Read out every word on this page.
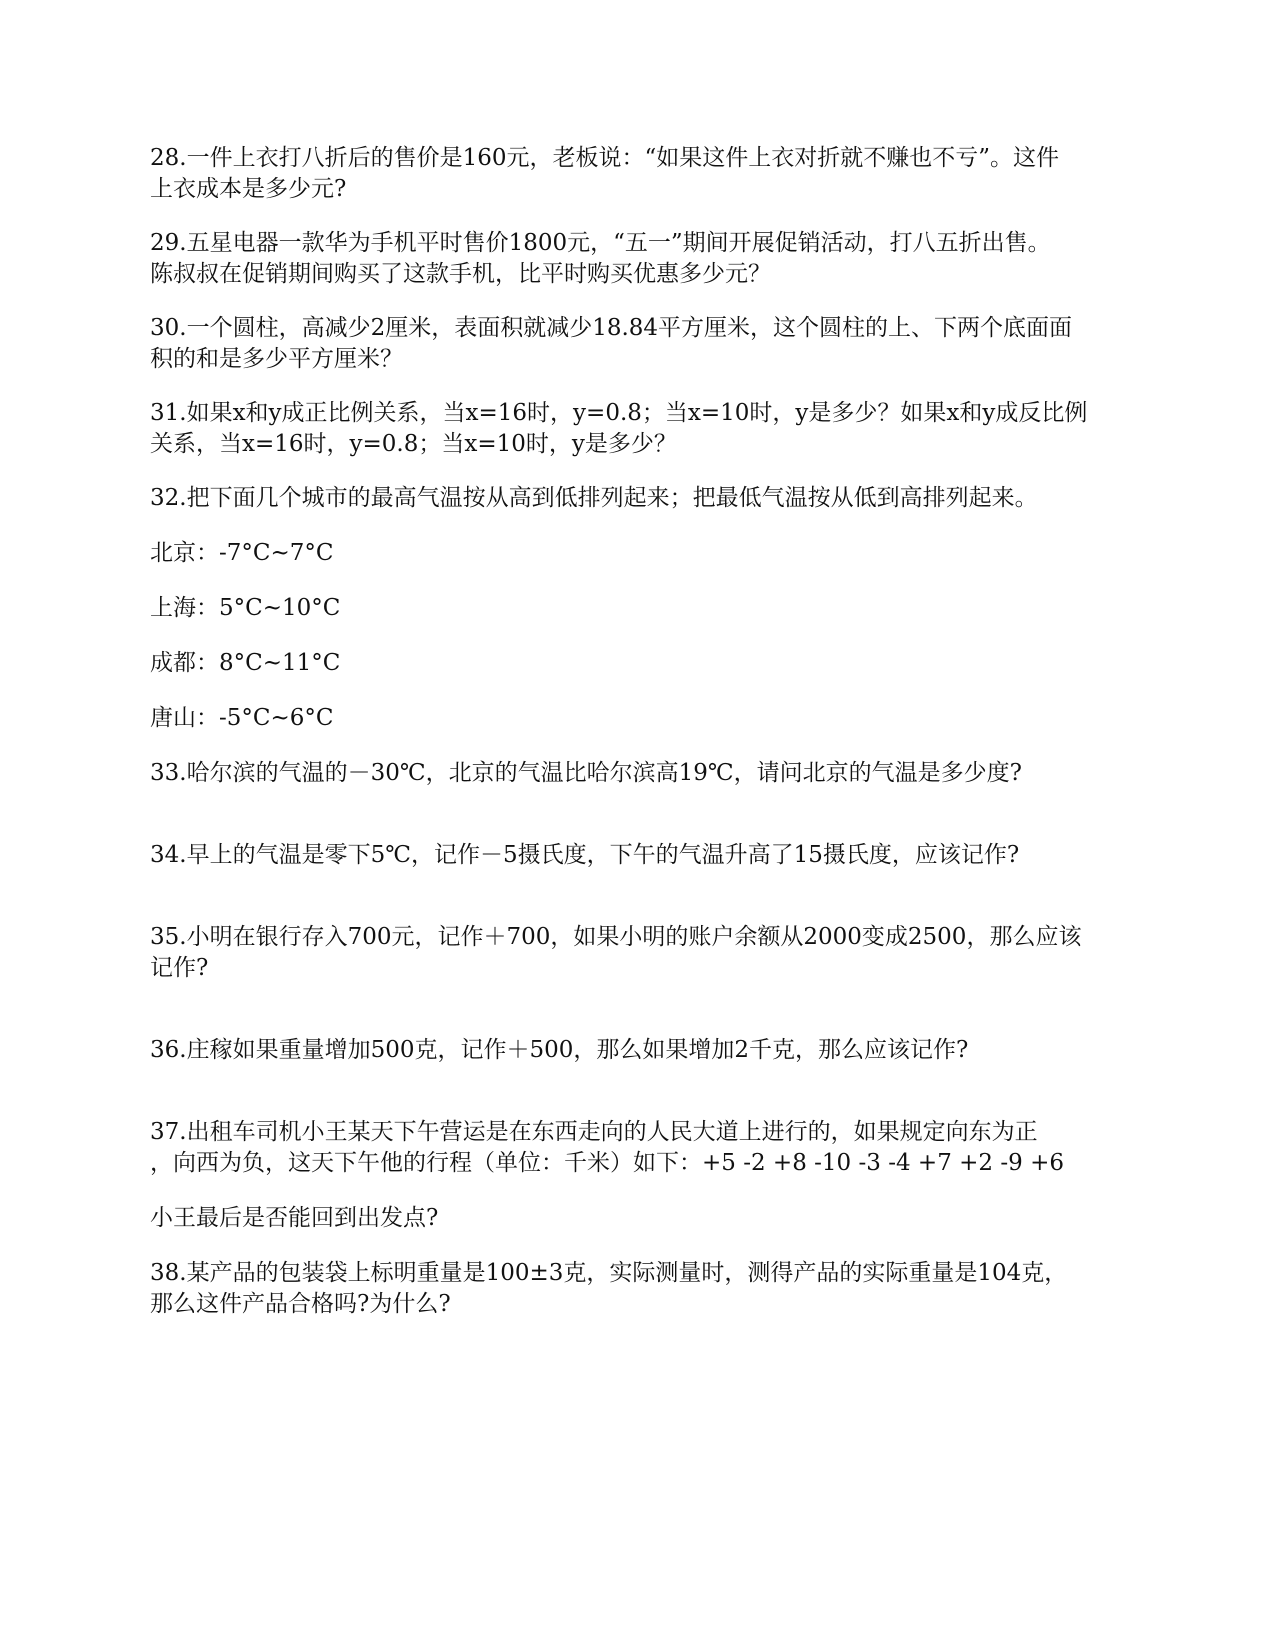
28.一件上衣打八折后的售价是160元，老板说：“如果这件上衣对折就不赚也不亏”。这件
上衣成本是多少元?
29.五星电器一款华为手机平时售价1800元，“五一”期间开展促销活动，打八五折出售。
陈叔叔在促销期间购买了这款手机，比平时购买优惠多少元？
30.一个圆柱，高减少2厘米，表面积就减少18.84平方厘米，这个圆柱的上、下两个底面面
积的和是多少平方厘米？
31.如果x和y成正比例关系，当x=16时，y=0.8；当x=10时，y是多少？如果x和y成反比例
关系，当x=16时，y=0.8；当x=10时，y是多少？
32.把下面几个城市的最高气温按从高到低排列起来；把最低气温按从低到高排列起来。
北京：-7°C~7°C
上海：5°C~10°C
成都：8°C~11°C
唐山：-5°C~6°C
33.哈尔滨的气温的－30℃，北京的气温比哈尔滨高19℃，请问北京的气温是多少度?
34.早上的气温是零下5℃，记作－5摄氏度，下午的气温升高了15摄氏度，应该记作?
35.小明在银行存入700元，记作＋700，如果小明的账户余额从2000变成2500，那么应该
记作?
36.庄稼如果重量增加500克，记作＋500，那么如果增加2千克，那么应该记作?
37.出租车司机小王某天下午营运是在东西走向的人民大道上进行的，如果规定向东为正
，向西为负，这天下午他的行程（单位：千米）如下：+5 -2 +8 -10 -3 -4 +7 +2 -9 +6
小王最后是否能回到出发点?
38.某产品的包装袋上标明重量是100±3克，实际测量时，测得产品的实际重量是104克，
那么这件产品合格吗?为什么?
